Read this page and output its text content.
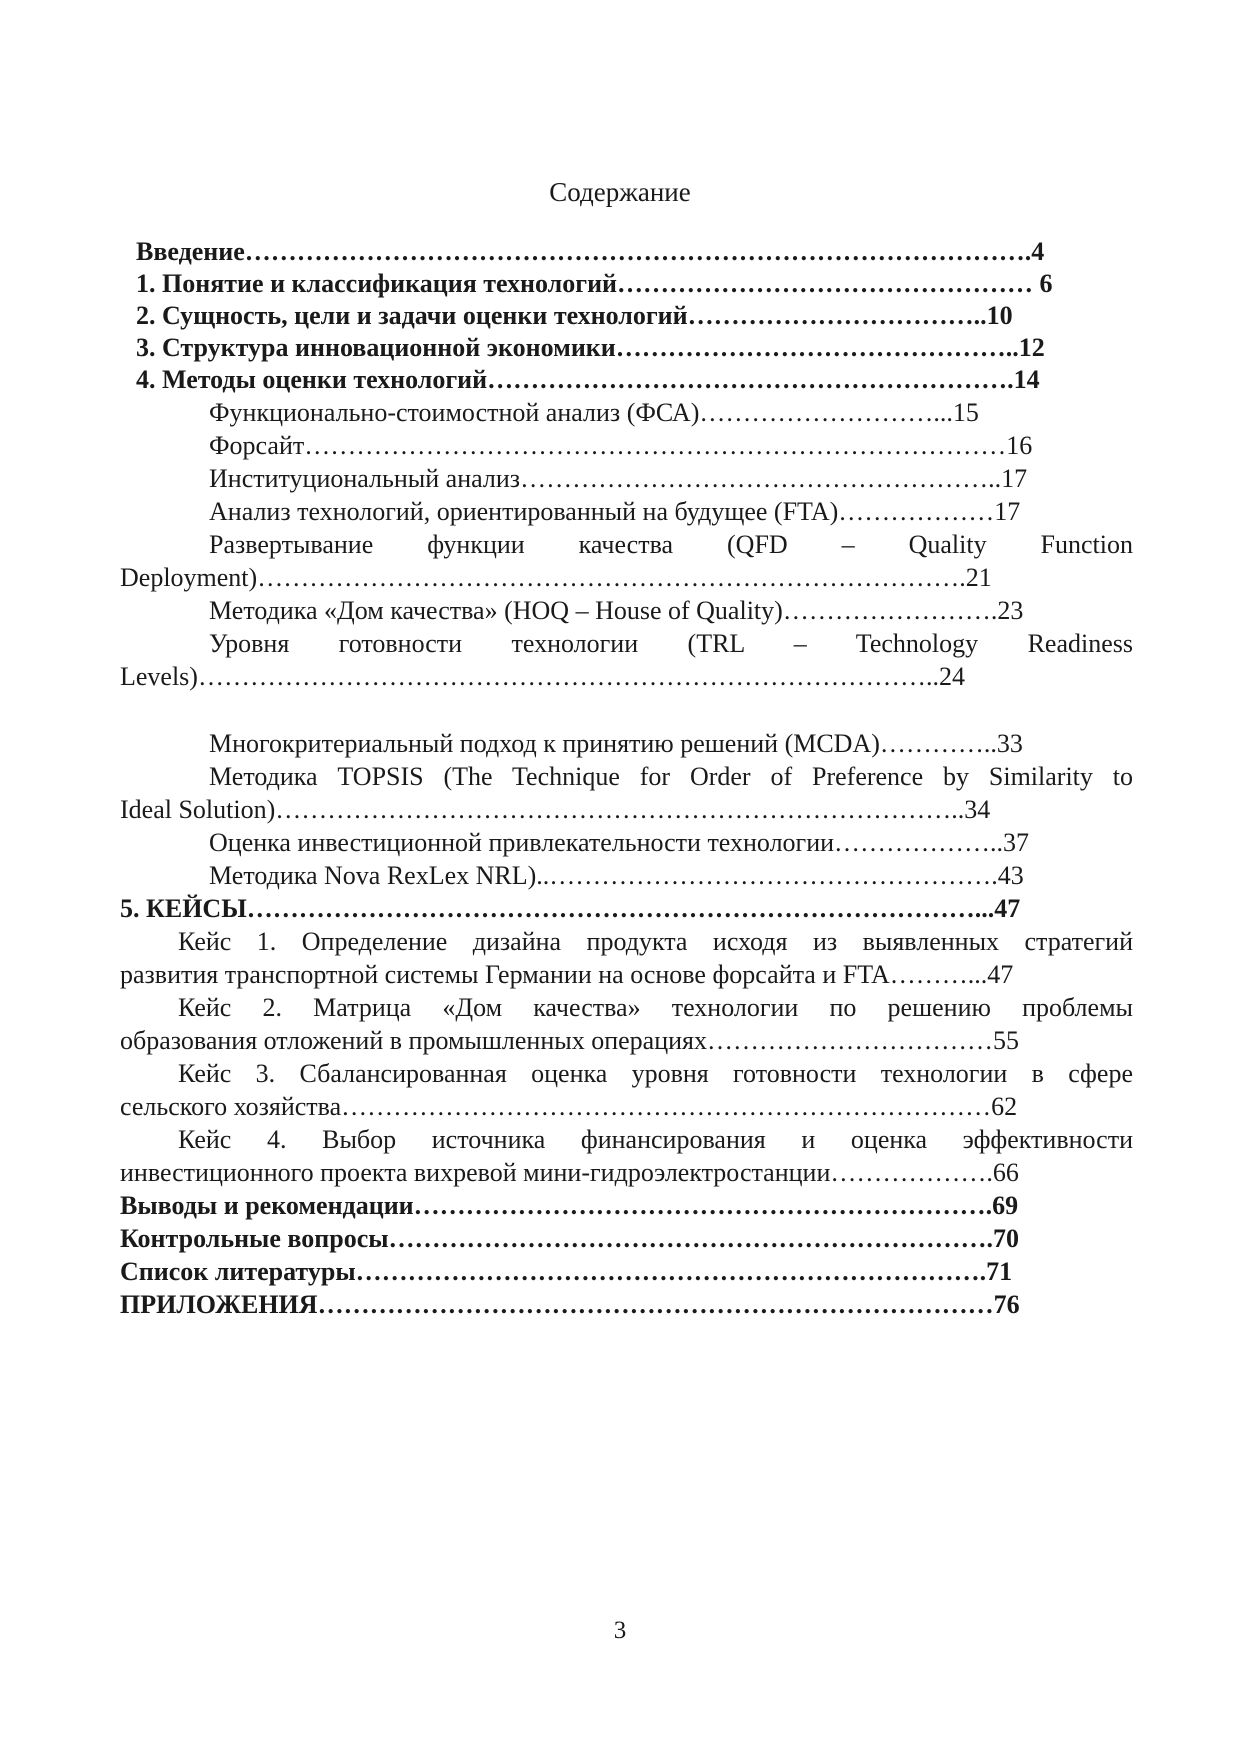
Содержание
Введение……………………………………………………………………………….4
1. Понятие и классификация технологий………………………………………… 6
2. Сущность, цели и задачи оценки технологий……………………………..10
3. Структура инновационной экономики………………………………………..12
4. Методы оценки технологий…………………………………………………….14
Функционально-стоимостной анализ (ФСА)………………………...15
Форсайт………………………………………………………………………16
Институциональный анализ………………………………………………..17
Анализ технологий, ориентированный на будущее (FTA)………………17
Развертывание функции качества (QFD – Quality Function
Deployment)……………………………………………………………………….21
Методика «Дом качества» (HOQ – House of Quality)…………………….23
Уровня готовности технологии (TRL – Technology Readiness
Levels)…………………………………………………………………………..24
Многокритериальный подход к принятию решений (MCDA)…………..33
Методика TOPSIS (The Technique for Order of Preference by Similarity to
Ideal Solution)……………………………………………………………………..34
Оценка инвестиционной привлекательности технологии………………..37
Методика Nova RexLex NRL)..…………………………………………….43
5. КЕЙСЫ…………………………………………………………………………...47
Кейс 1. Определение дизайна продукта исходя из выявленных стратегий
развития транспортной системы Германии на основе форсайта и FTA………...47
Кейс 2. Матрица «Дом качества» технологии по решению проблемы
образования отложений в промышленных операциях……………………………55
Кейс 3. Сбалансированная оценка уровня готовности технологии в сфере
сельского хозяйства…………………………………………………………………62
Кейс 4. Выбор источника финансирования и оценка эффективности
инвестиционного проекта вихревой мини-гидроэлектростанции……………….66
Выводы и рекомендации………………………………………………………….69
Контрольные вопросы…………………………………………………………….70
Список литературы……………………………………………………………….71
ПРИЛОЖЕНИЯ……………………………………………………………………76
3
